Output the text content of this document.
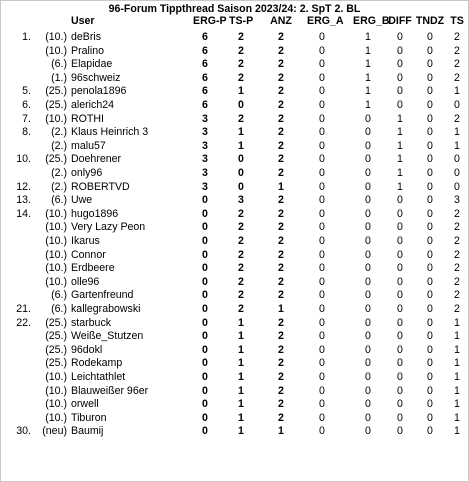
96-Forum Tippthread Saison 2023/24: 2. SpT 2. BL
User	ERG-P TS-P ANZ ERG_A ERG_B
DIFF TNDZ TS
1.	(10.) deBris	6	2	2	0	1	0	0	2
(10.) Pralino	6	2	2	0	1	0	0	2
(6.) Elapidae	6	2	2	0	1	0	0	2
(1.) 96schweiz	6	2	2	0	1	0	0	2
5.	(25.) penola1896	6	1	2	0	1	0	0	1
6.	(25.) alerich24	6	0	2	0	1	0	0	0
7.	(10.) ROTHI	3	2	2	0	0	1	0	2
8.	(2.) Klaus Heinrich 3	3	1	2	0	0	1	0	1
(2.) malu57	3	1	2	0	0	1	0	1
10.	(25.) Doehrener	3	0	2	0	0	1	0	0
(2.) only96	3	0	2	0	0	1	0	0
12.	(2.) ROBERTVD	3	0	1	0	0	1	0	0
13.	(6.) Uwe	0	3	2	0	0	0	0	3
14.	(10.) hugo1896	0	2	2	0	0	0	0	2
(10.) Very Lazy Peon	0	2	2	0	0	0	0	2
(10.) Ikarus	0	2	2	0	0	0	0	2
(10.) Connor	0	2	2	0	0	0	0	2
(10.) Erdbeere	0	2	2	0	0	0	0	2
(10.) olle96	0	2	2	0	0	0	0	2
(6.) Gartenfreund	0	2	2	0	0	0	0	2
21.	(6.) kallegrabowski	0	2	1	0	0	0	0	2
22.	(25.) starbuck	0	1	2	0	0	0	0	1
(25.) Weiße_Stutzen	0	1	2	0	0	0	0	1
(25.) 96dokl	0	1	2	0	0	0	0	1
(25.) Rodekamp	0	1	2	0	0	0	0	1
(10.) Leichtathlet	0	1	2	0	0	0	0	1
(10.) Blauweißer 96er	0	1	2	0	0	0	0	1
(10.) orwell	0	1	2	0	0	0	0	1
(10.) Tiburon	0	1	2	0	0	0	0	1
30.	(neu) Baumij	0	1	1	0	0	0	0	1
